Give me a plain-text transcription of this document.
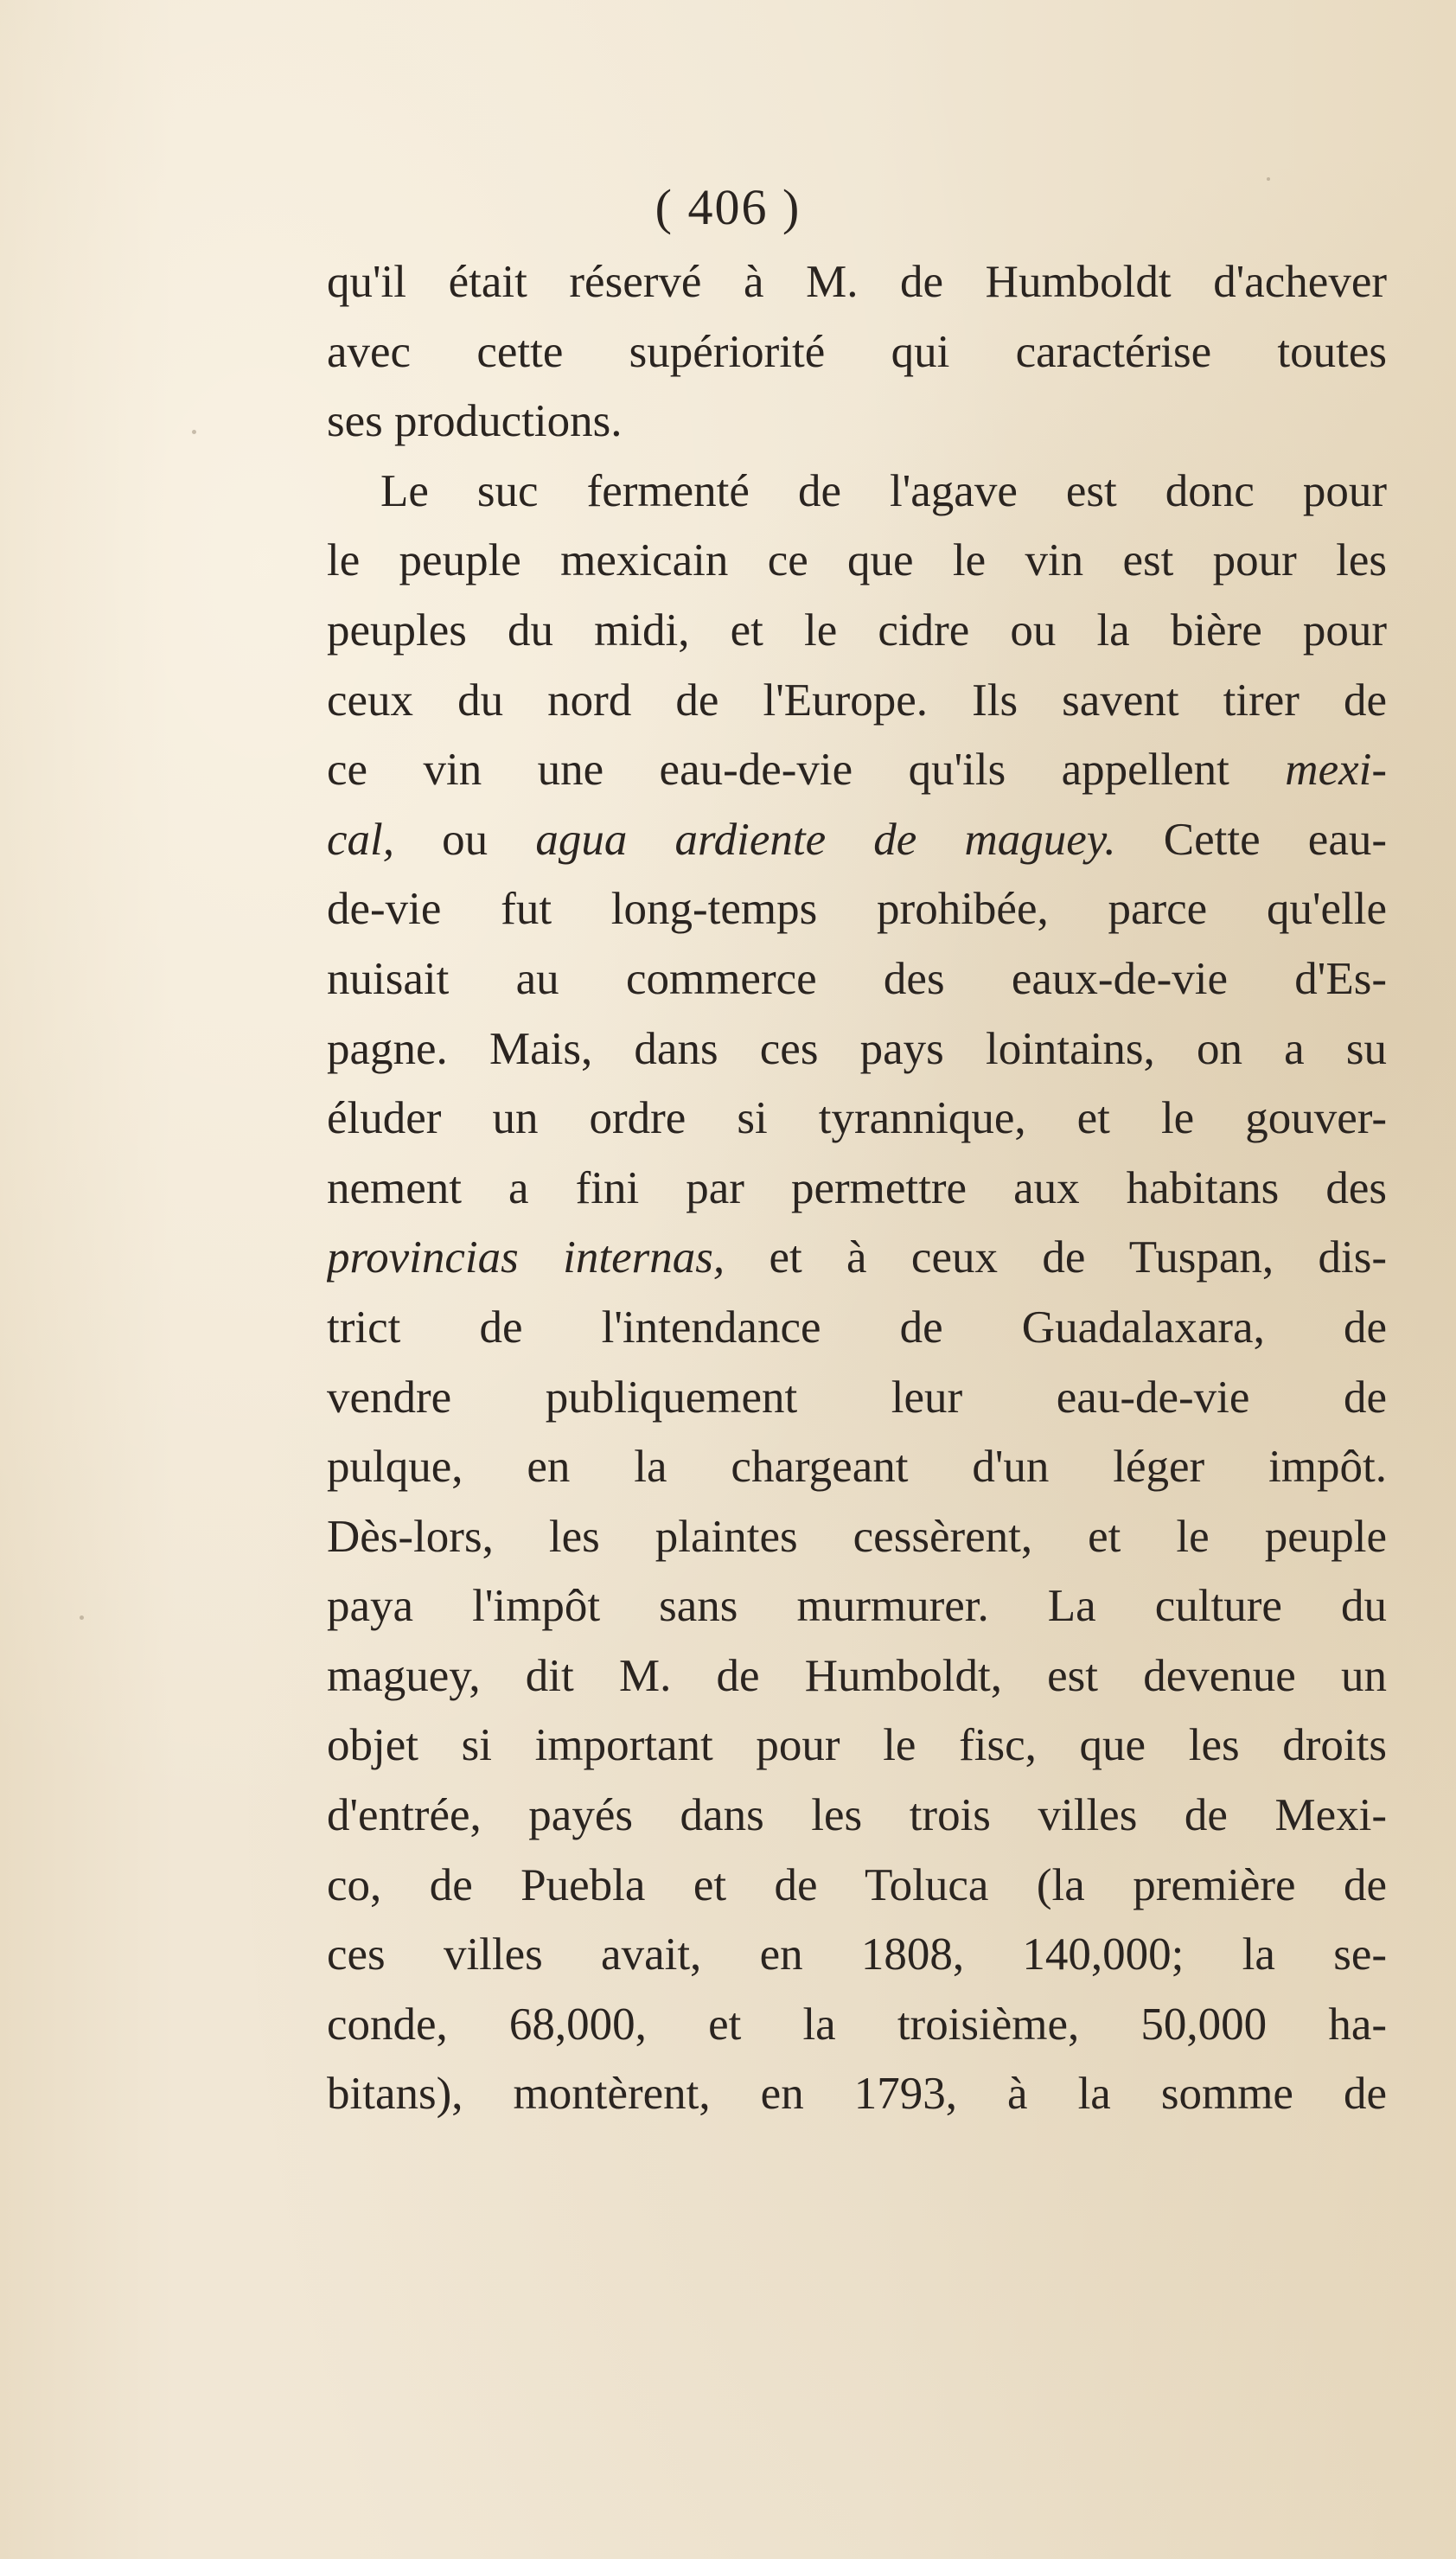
( 406 )
qu'il était réservé à M. de Humboldt d'achever
avec cette supériorité qui caractérise toutes
ses productions.
Le suc fermenté de l'agave est donc pour
le peuple mexicain ce que le vin est pour les
peuples du midi, et le cidre ou la bière pour
ceux du nord de l'Europe. Ils savent tirer de
ce vin une eau-de-vie qu'ils appellent mexi-
cal, ou agua ardiente de maguey. Cette eau-
de-vie fut long-temps prohibée, parce qu'elle
nuisait au commerce des eaux-de-vie d'Es-
pagne. Mais, dans ces pays lointains, on a su
éluder un ordre si tyrannique, et le gouver-
nement a fini par permettre aux habitans des
provincias internas, et à ceux de Tuspan, dis-
trict de l'intendance de Guadalaxara, de
vendre publiquement leur eau-de-vie de
pulque, en la chargeant d'un léger impôt.
Dès-lors, les plaintes cessèrent, et le peuple
paya l'impôt sans murmurer. La culture du
maguey, dit M. de Humboldt, est devenue un
objet si important pour le fisc, que les droits
d'entrée, payés dans les trois villes de Mexi-
co, de Puebla et de Toluca (la première de
ces villes avait, en 1808, 140,000; la se-
conde, 68,000, et la troisième, 50,000 ha-
bitans), montèrent, en 1793, à la somme de
